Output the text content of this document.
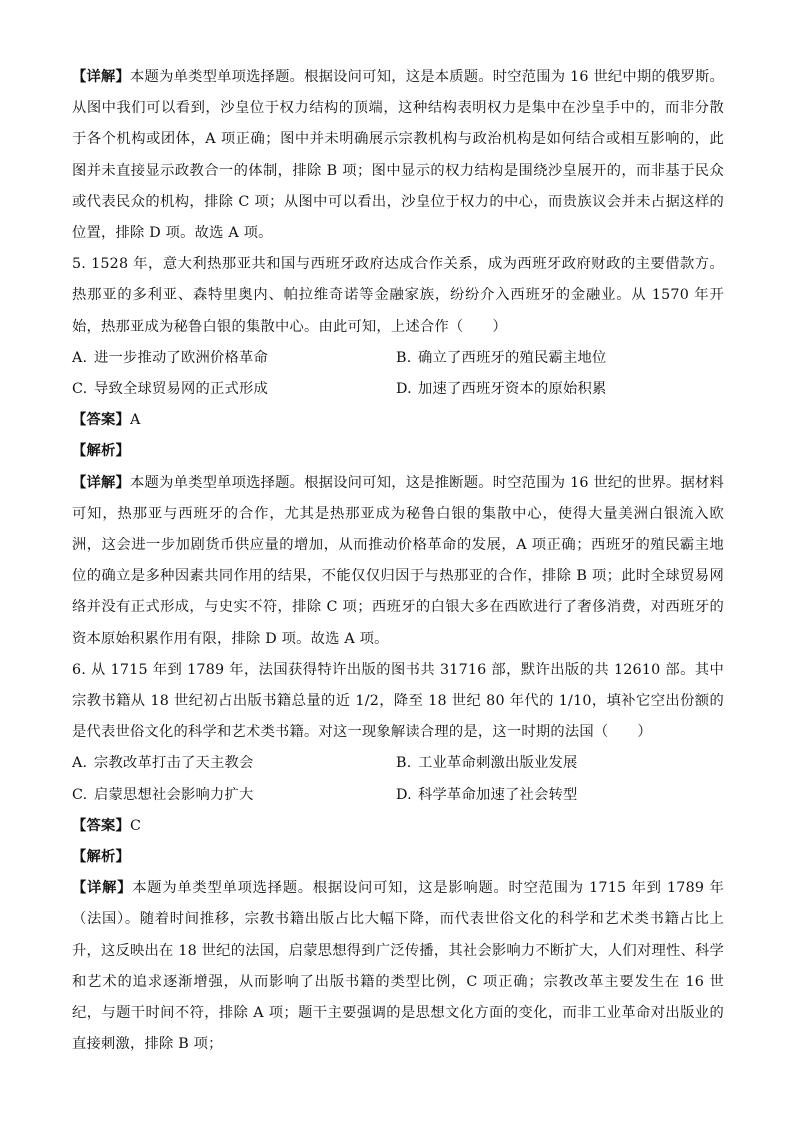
【详解】本题为单类型单项选择题。根据设问可知，这是本质题。时空范围为 16 世纪中期的俄罗斯。从图中我们可以看到，沙皇位于权力结构的顶端，这种结构表明权力是集中在沙皇手中的，而非分散于各个机构或团体，A 项正确；图中并未明确展示宗教机构与政治机构是如何结合或相互影响的，此图并未直接显示政教合一的体制，排除 B 项；图中显示的权力结构是围绕沙皇展开的，而非基于民众或代表民众的机构，排除 C 项；从图中可以看出，沙皇位于权力的中心，而贵族议会并未占据这样的位置，排除 D 项。故选 A 项。

5. 1528 年，意大利热那亚共和国与西班牙政府达成合作关系，成为西班牙政府财政的主要借款方。热那亚的多利亚、森特里奥内、帕拉维奇诺等金融家族，纷纷介入西班牙的金融业。从 1570 年开始，热那亚成为秘鲁白银的集散中心。由此可知，上述合作（　　）

A. 进一步推动了欧洲价格革命	B. 确立了西班牙的殖民霸主地位

C. 导致全球贸易网的正式形成	D. 加速了西班牙资本的原始积累

【答案】A

【解析】

【详解】本题为单类型单项选择题。根据设问可知，这是推断题。时空范围为 16 世纪的世界。据材料可知，热那亚与西班牙的合作，尤其是热那亚成为秘鲁白银的集散中心，使得大量美洲白银流入欧洲，这会进一步加剧货币供应量的增加，从而推动价格革命的发展，A 项正确；西班牙的殖民霸主地位的确立是多种因素共同作用的结果，不能仅仅归因于与热那亚的合作，排除 B 项；此时全球贸易网络并没有正式形成，与史实不符，排除 C 项；西班牙的白银大多在西欧进行了奢侈消费，对西班牙的资本原始积累作用有限，排除 D 项。故选 A 项。

6. 从 1715 年到 1789 年，法国获得特许出版的图书共 31716 部，默许出版的共 12610 部。其中宗教书籍从 18 世纪初占出版书籍总量的近 1/2，降至 18 世纪 80 年代的 1/10，填补它空出份额的是代表世俗文化的科学和艺术类书籍。对这一现象解读合理的是，这一时期的法国（　　）

A. 宗教改革打击了天主教会	B. 工业革命刺激出版业发展

C. 启蒙思想社会影响力扩大	D. 科学革命加速了社会转型

【答案】C

【解析】

【详解】本题为单类型单项选择题。根据设问可知，这是影响题。时空范围为 1715 年到 1789 年（法国）。随着时间推移，宗教书籍出版占比大幅下降，而代表世俗文化的科学和艺术类书籍占比上升，这反映出在 18 世纪的法国，启蒙思想得到广泛传播，其社会影响力不断扩大，人们对理性、科学和艺术的追求逐渐增强，从而影响了出版书籍的类型比例，C 项正确；宗教改革主要发生在 16 世纪，与题干时间不符，排除 A 项；题干主要强调的是思想文化方面的变化，而非工业革命对出版业的直接刺激，排除 B 项；
